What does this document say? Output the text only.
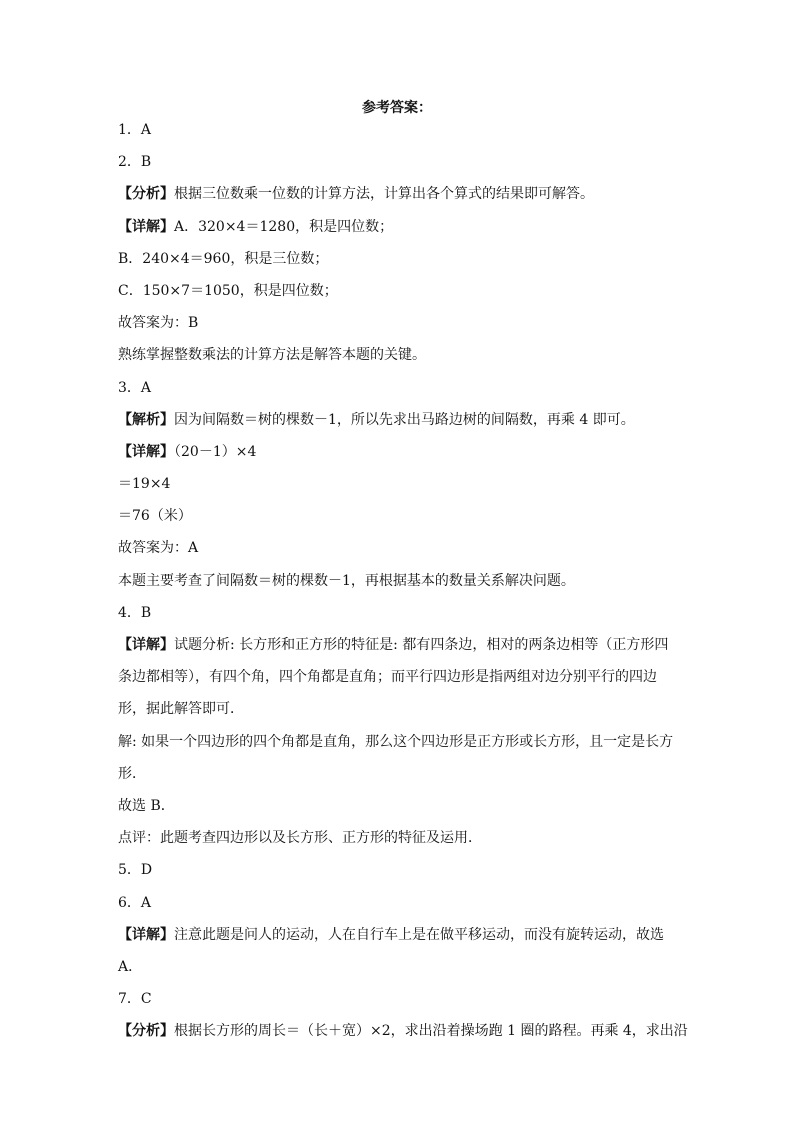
参考答案：
1．A
2．B
【分析】根据三位数乘一位数的计算方法，计算出各个算式的结果即可解答。
【详解】A．320×4＝1280，积是四位数；
B．240×4＝960，积是三位数；
C．150×7＝1050，积是四位数；
故答案为：B
熟练掌握整数乘法的计算方法是解答本题的关键。
3．A
【解析】因为间隔数＝树的棵数－1，所以先求出马路边树的间隔数，再乘 4 即可。
【详解】（20－1）×4
＝19×4
＝76（米）
故答案为：A
本题主要考查了间隔数＝树的棵数－1，再根据基本的数量关系解决问题。
4．B
【详解】试题分析: 长方形和正方形的特征是: 都有四条边，相对的两条边相等（正方形四条边都相等），有四个角，四个角都是直角；而平行四边形是指两组对边分别平行的四边形，据此解答即可．
解: 如果一个四边形的四个角都是直角，那么这个四边形是正方形或长方形，且一定是长方形．
故选 B．
点评：此题考查四边形以及长方形、正方形的特征及运用．
5．D
6．A
【详解】注意此题是问人的运动，人在自行车上是在做平移运动，而没有旋转运动，故选 A．
7．C
【分析】根据长方形的周长＝（长＋宽）×2，求出沿着操场跑 1 圈的路程。再乘 4，求出沿
